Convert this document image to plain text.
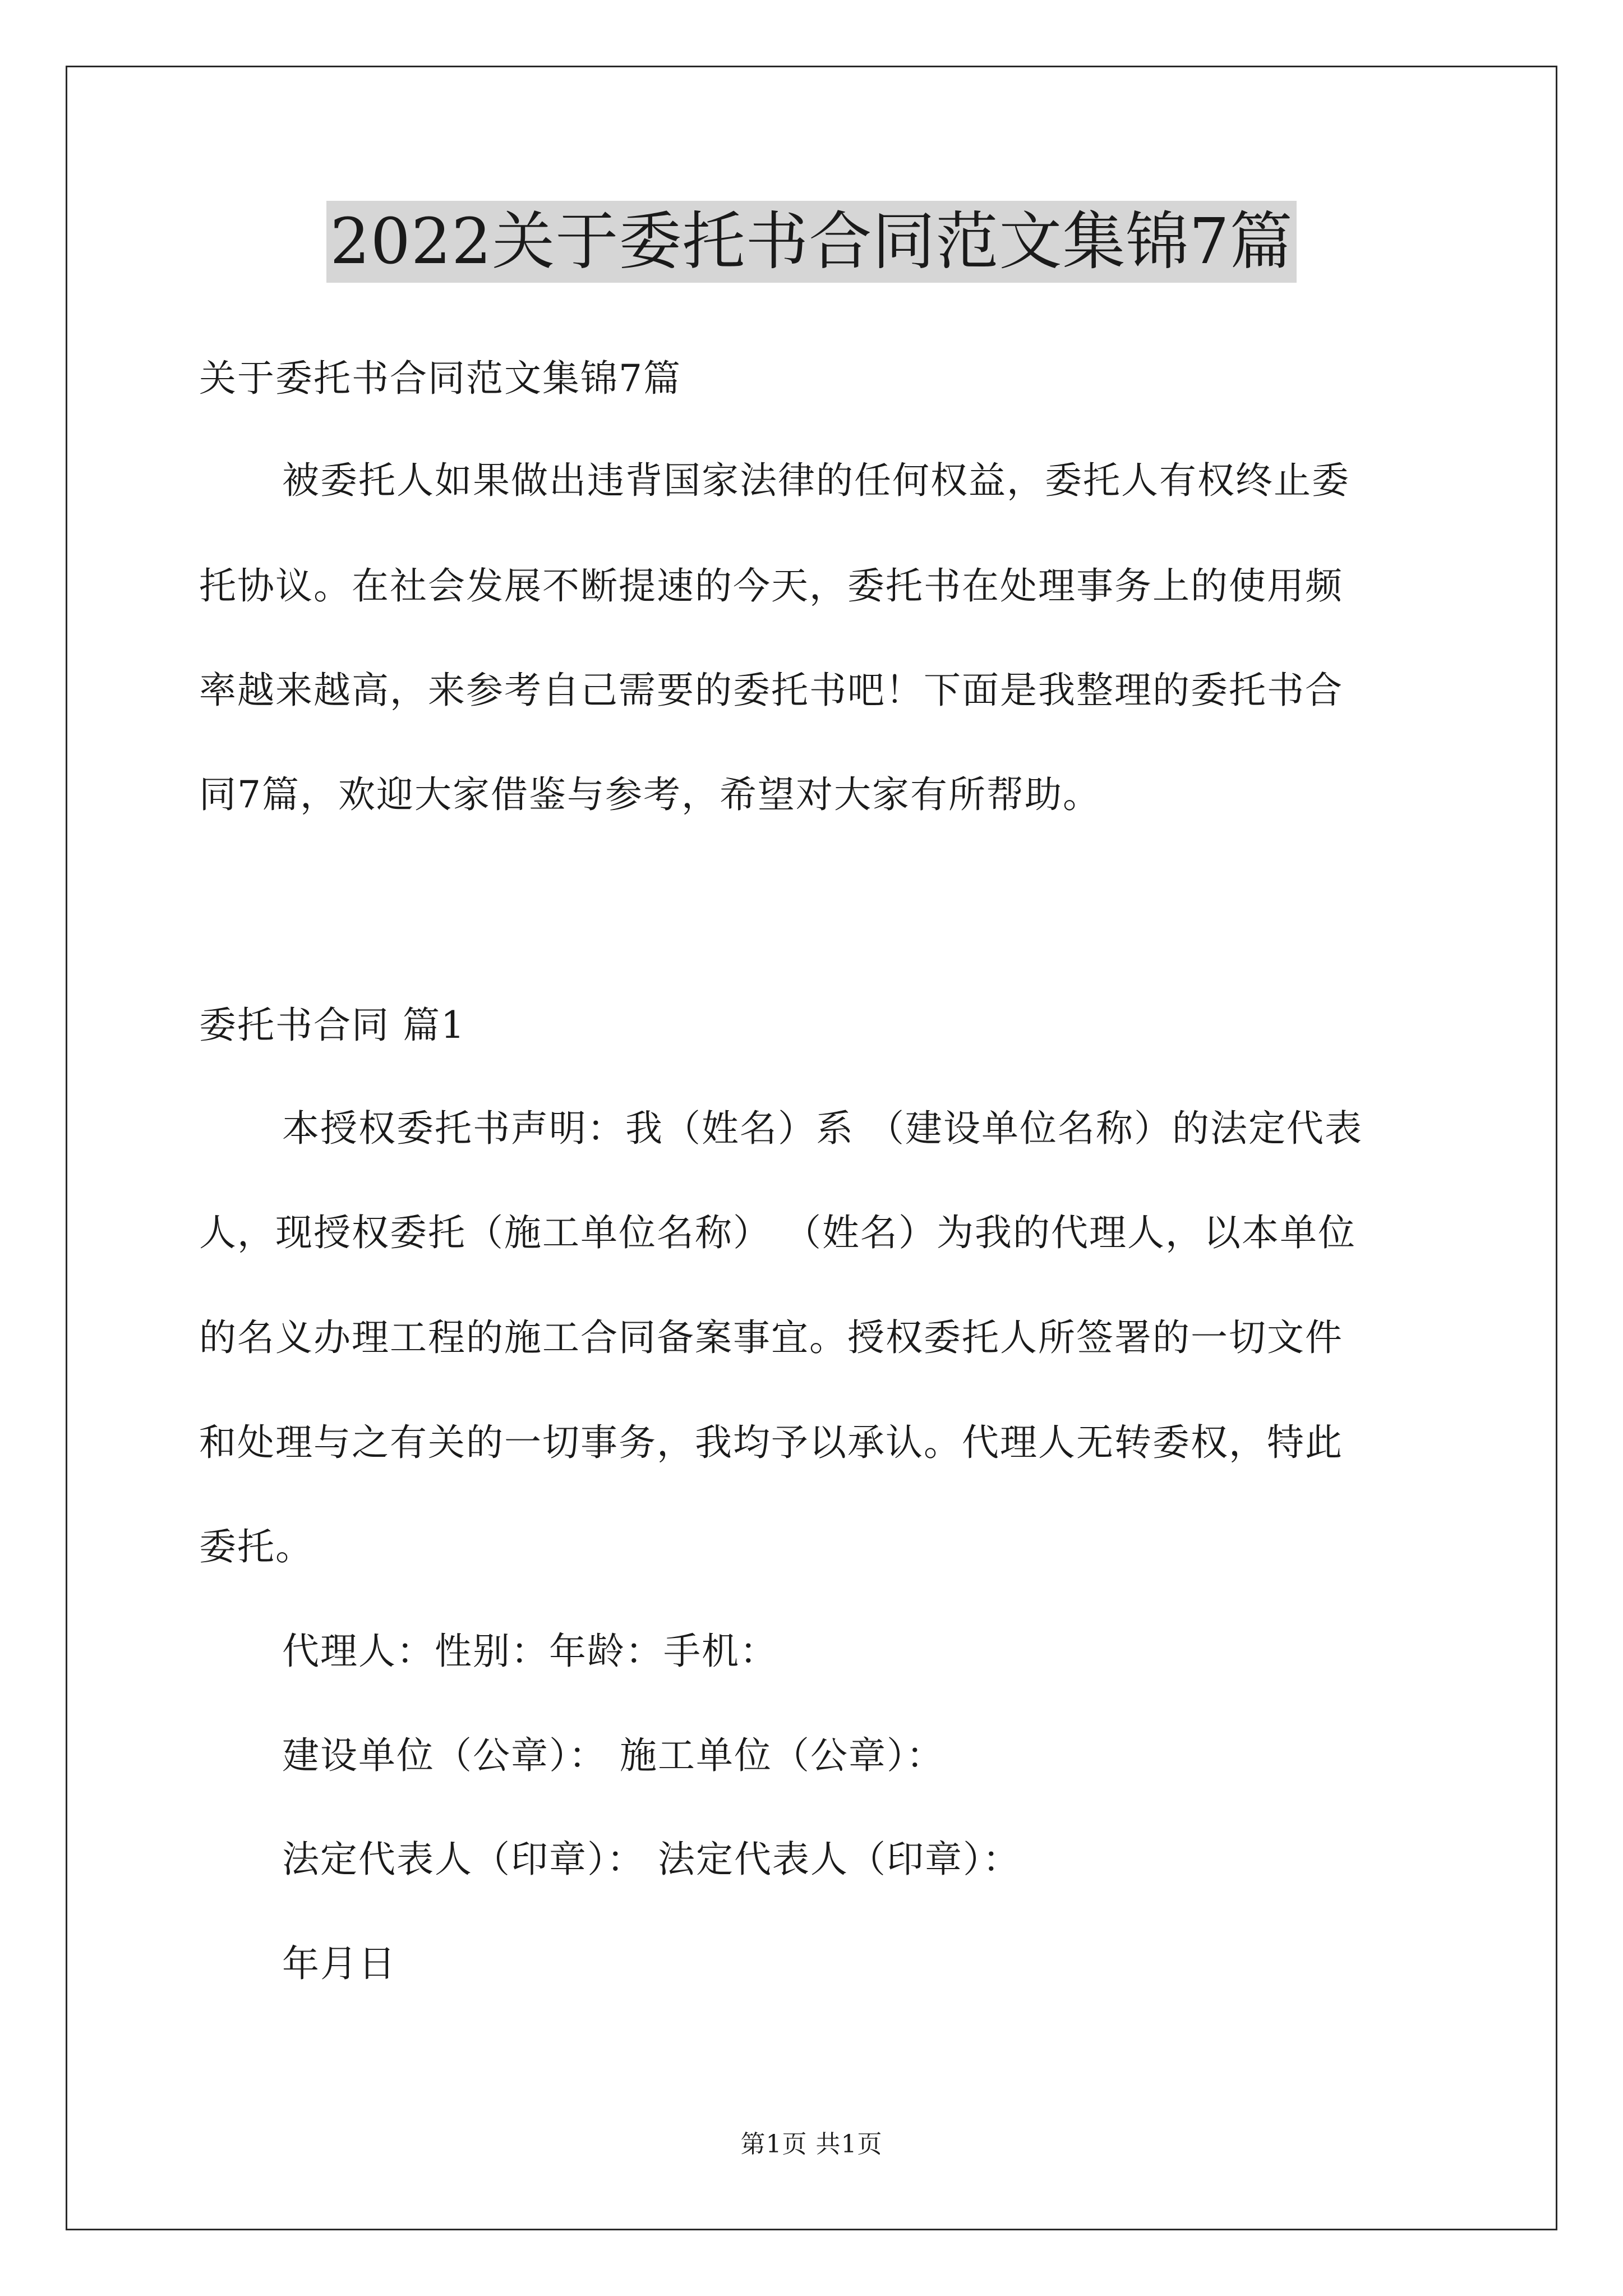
2022关于委托书合同范文集锦7篇
关于委托书合同范文集锦7篇
被委托人如果做出违背国家法律的任何权益，委托人有权终止委
托协议。在社会发展不断提速的今天，委托书在处理事务上的使用频
率越来越高，来参考自己需要的委托书吧！下面是我整理的委托书合
同7篇，欢迎大家借鉴与参考，希望对大家有所帮助。
委托书合同 篇1
本授权委托书声明：我（姓名）系 （建设单位名称）的法定代表
人，现授权委托（施工单位名称） （姓名）为我的代理人，以本单位
的名义办理工程的施工合同备案事宜。授权委托人所签署的一切文件
和处理与之有关的一切事务，我均予以承认。代理人无转委权，特此
委托。
代理人：性别：年龄：手机：
建设单位（公章）： 施工单位（公章）：
法定代表人（印章）： 法定代表人（印章）：
年月日
第1页 共1页
